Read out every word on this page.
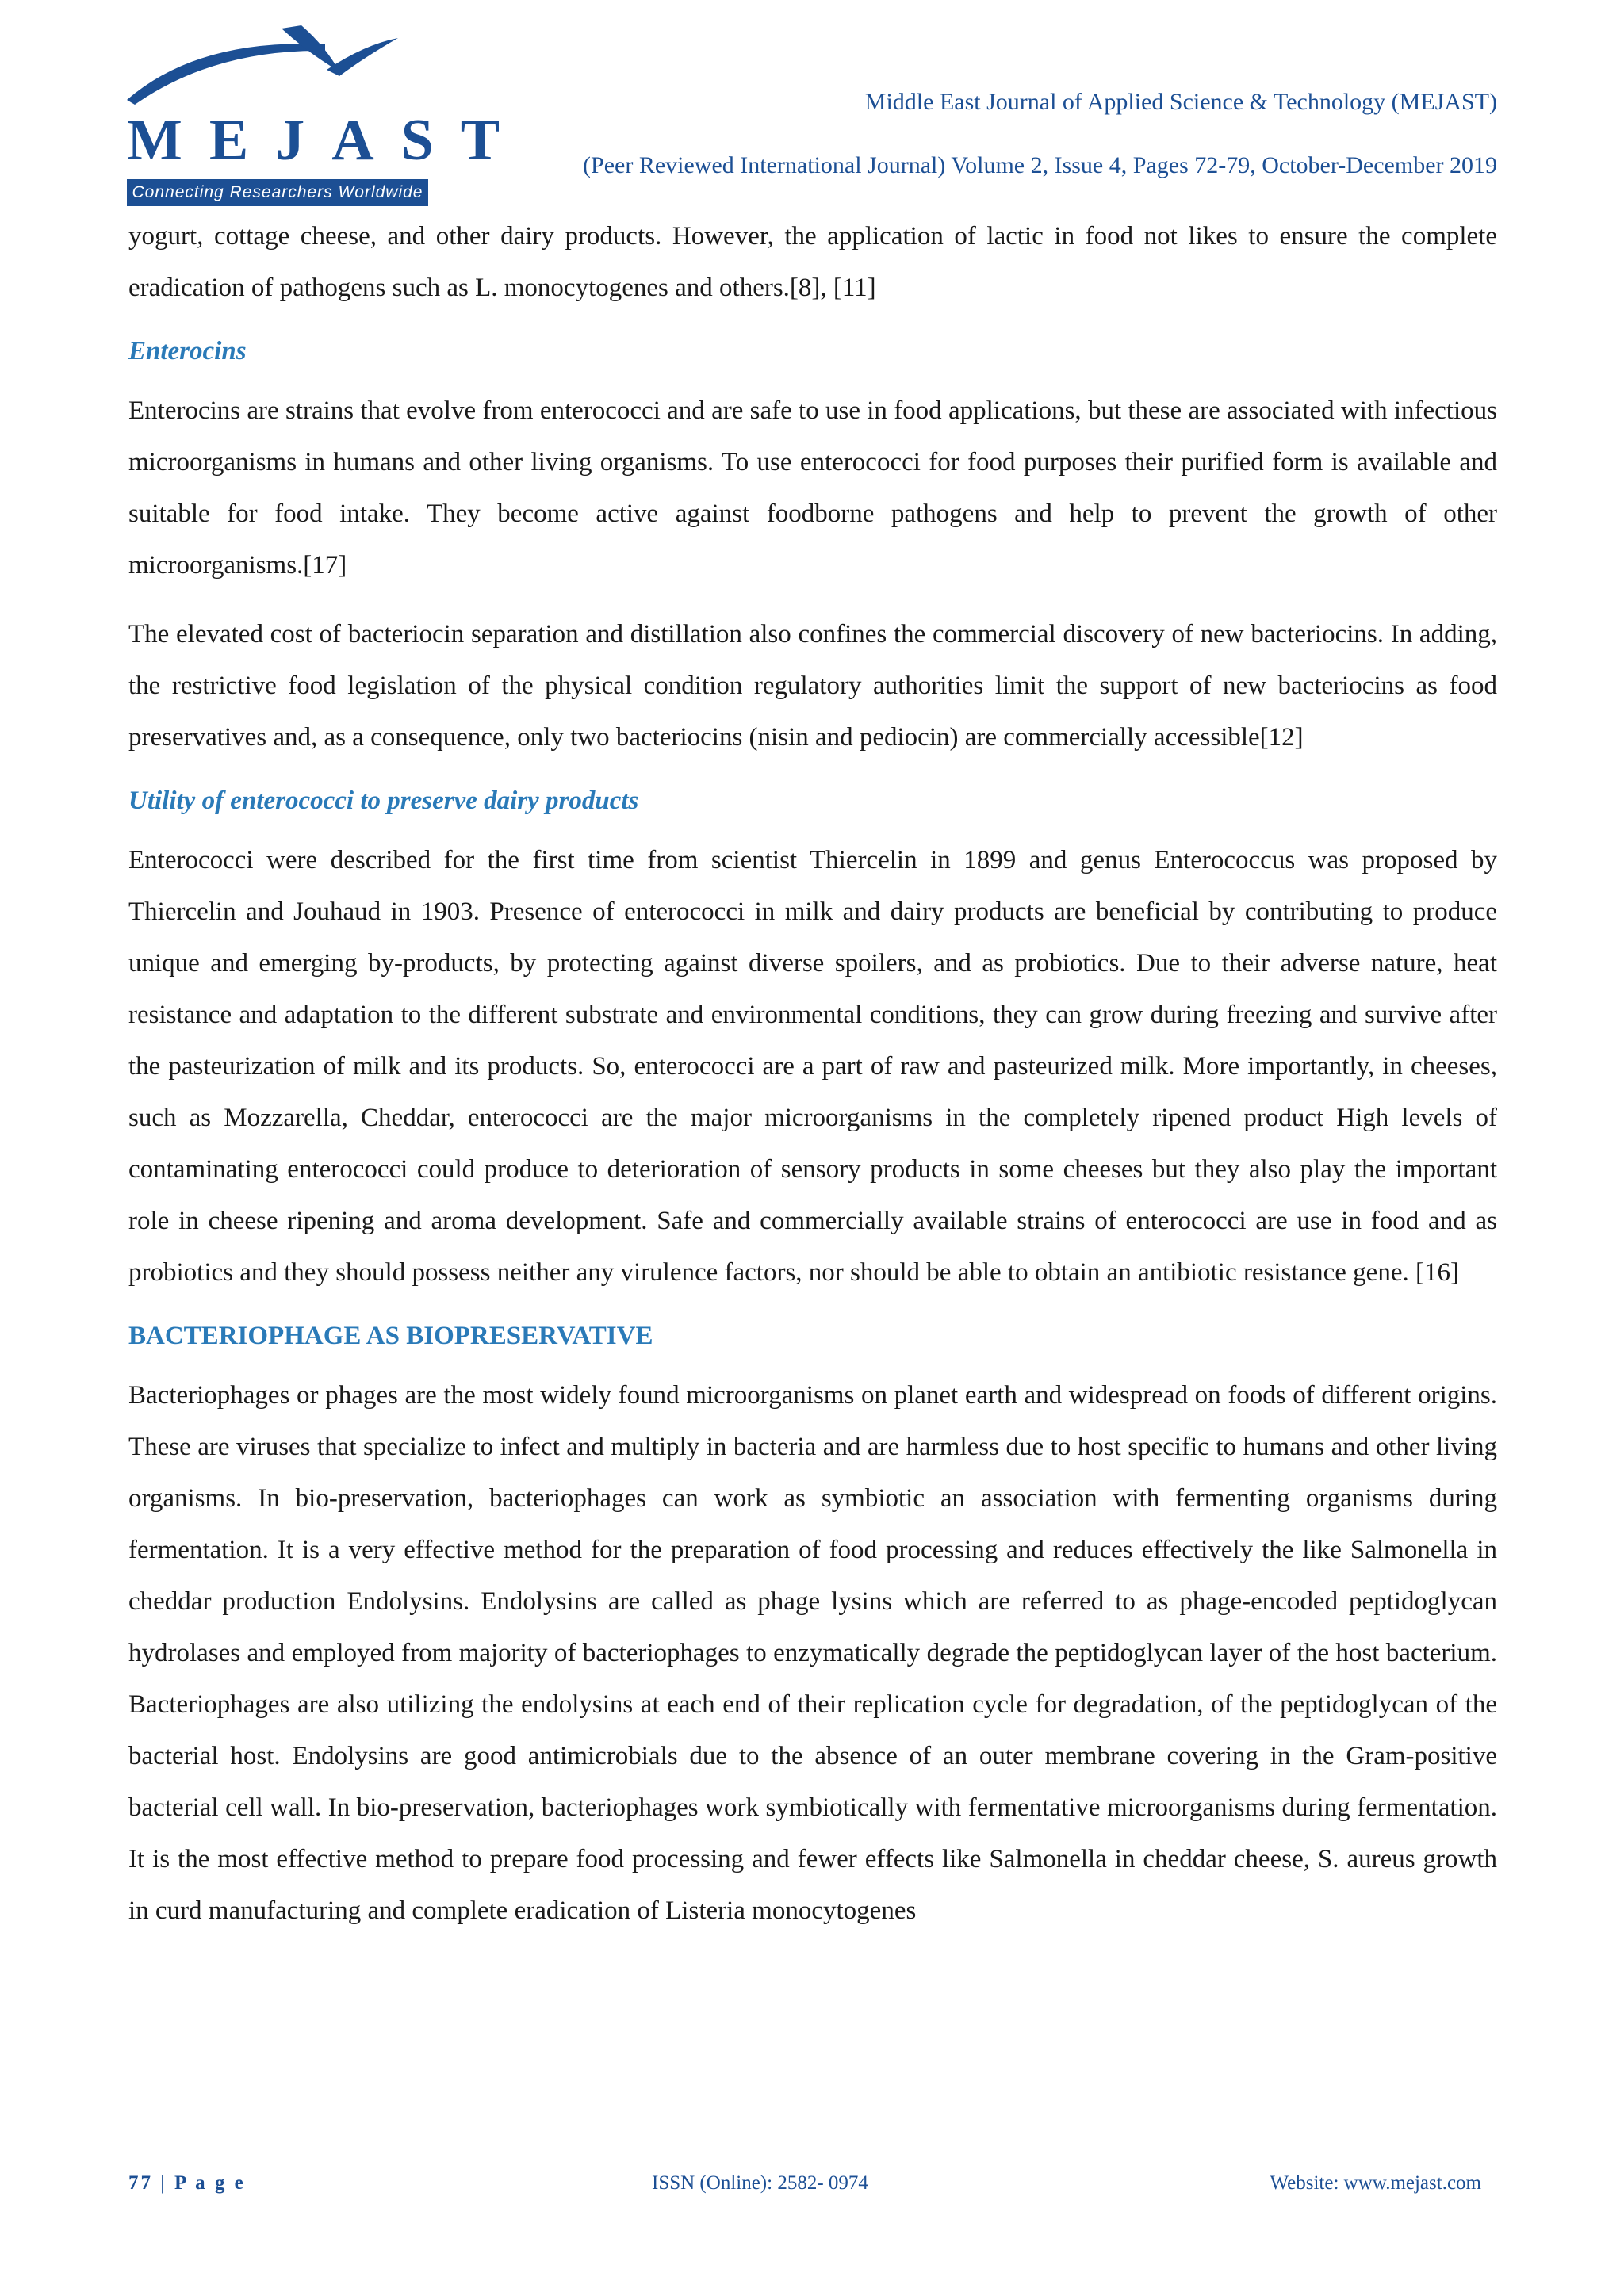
MEJAST
Connecting Researchers Worldwide
Middle East Journal of Applied Science & Technology (MEJAST)
(Peer Reviewed International Journal) Volume 2, Issue 4, Pages 72-79, October-December 2019

yogurt, cottage cheese, and other dairy products. However, the application of lactic in food not likes to ensure the complete eradication of pathogens such as L. monocytogenes and others.[8], [11]

Enterocins

Enterocins are strains that evolve from enterococci and are safe to use in food applications, but these are associated with infectious microorganisms in humans and other living organisms. To use enterococci for food purposes their purified form is available and suitable for food intake. They become active against foodborne pathogens and help to prevent the growth of other microorganisms.[17]

The elevated cost of bacteriocin separation and distillation also confines the commercial discovery of new bacteriocins. In adding, the restrictive food legislation of the physical condition regulatory authorities limit the support of new bacteriocins as food preservatives and, as a consequence, only two bacteriocins (nisin and pediocin) are commercially accessible[12]

Utility of enterococci to preserve dairy products

Enterococci were described for the first time from scientist Thiercelin in 1899 and genus Enterococcus was proposed by Thiercelin and Jouhaud in 1903. Presence of enterococci in milk and dairy products are beneficial by contributing to produce unique and emerging by-products, by protecting against diverse spoilers, and as probiotics. Due to their adverse nature, heat resistance and adaptation to the different substrate and environmental conditions, they can grow during freezing and survive after the pasteurization of milk and its products. So, enterococci are a part of raw and pasteurized milk. More importantly, in cheeses, such as Mozzarella, Cheddar, enterococci are the major microorganisms in the completely ripened product High levels of contaminating enterococci could produce to deterioration of sensory products in some cheeses but they also play the important role in cheese ripening and aroma development. Safe and commercially available strains of enterococci are use in food and as probiotics and they should possess neither any virulence factors, nor should be able to obtain an antibiotic resistance gene. [16]

BACTERIOPHAGE AS BIOPRESERVATIVE

Bacteriophages or phages are the most widely found microorganisms on planet earth and widespread on foods of different origins. These are viruses that specialize to infect and multiply in bacteria and are harmless due to host specific to humans and other living organisms. In bio-preservation, bacteriophages can work as symbiotic an association with fermenting organisms during fermentation. It is a very effective method for the preparation of food processing and reduces effectively the like Salmonella in cheddar production Endolysins. Endolysins are called as phage lysins which are referred to as phage-encoded peptidoglycan hydrolases and employed from majority of bacteriophages to enzymatically degrade the peptidoglycan layer of the host bacterium. Bacteriophages are also utilizing the endolysins at each end of their replication cycle for degradation, of the peptidoglycan of the bacterial host. Endolysins are good antimicrobials due to the absence of an outer membrane covering in the Gram-positive bacterial cell wall. In bio-preservation, bacteriophages work symbiotically with fermentative microorganisms during fermentation. It is the most effective method to prepare food processing and fewer effects like Salmonella in cheddar cheese, S. aureus growth in curd manufacturing and complete eradication of Listeria monocytogenes

77 | P a g e	ISSN (Online): 2582- 0974	Website: www.mejast.com
